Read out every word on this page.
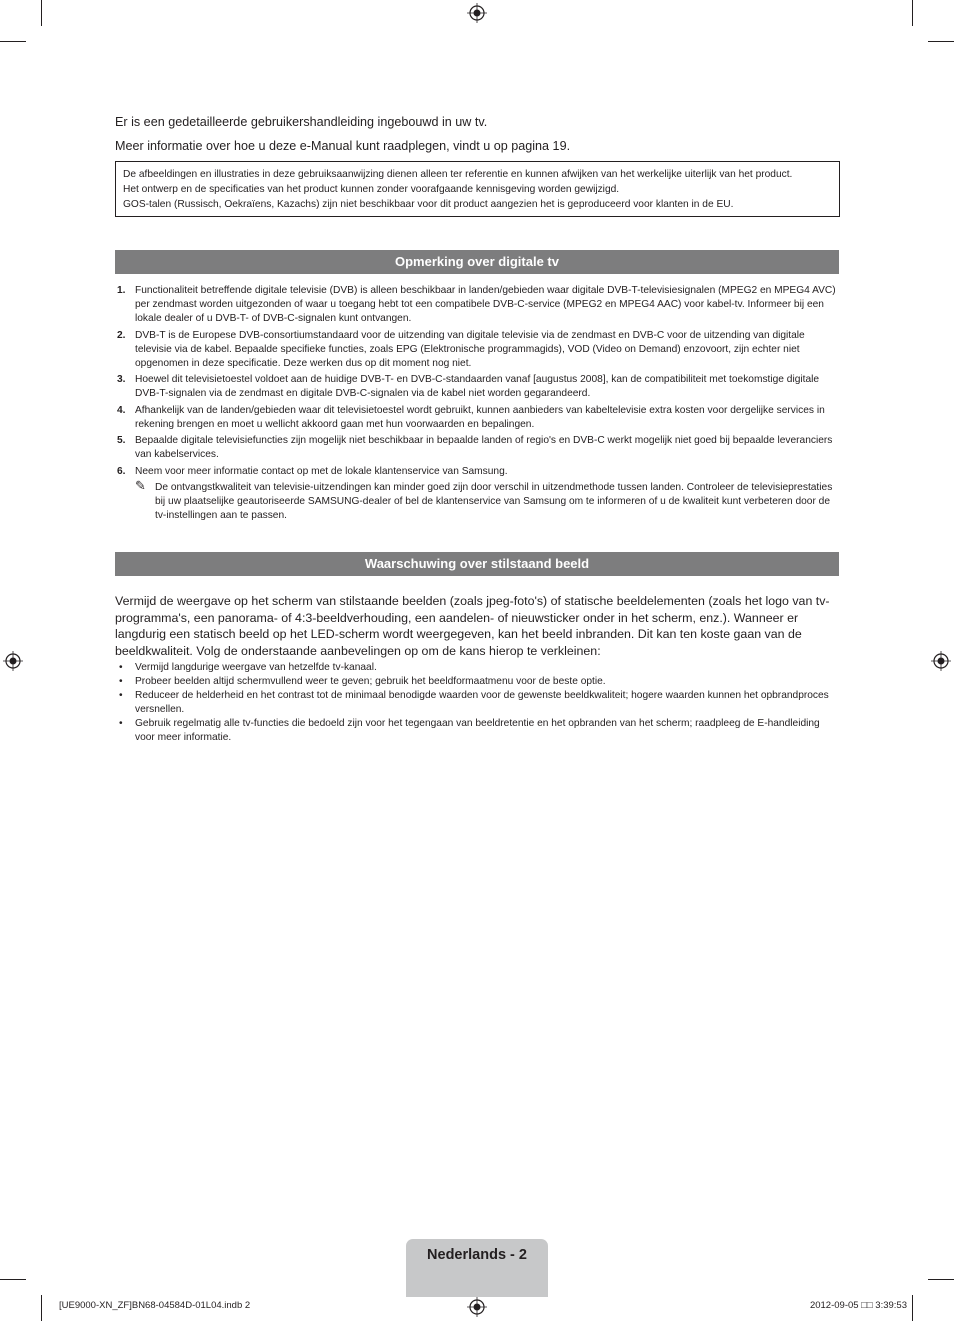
Er is een gedetailleerde gebruikershandleiding ingebouwd in uw tv.
Meer informatie over hoe u deze e-Manual kunt raadplegen, vindt u op pagina 19.
De afbeeldingen en illustraties in deze gebruiksaanwijzing dienen alleen ter referentie en kunnen afwijken van het werkelijke uiterlijk van het product.
Het ontwerp en de specificaties van het product kunnen zonder voorafgaande kennisgeving worden gewijzigd.
GOS-talen (Russisch, Oekraïens, Kazachs) zijn niet beschikbaar voor dit product aangezien het is geproduceerd voor klanten in de EU.
Opmerking over digitale tv
1. Functionaliteit betreffende digitale televisie (DVB) is alleen beschikbaar in landen/gebieden waar digitale DVB-T-televisiesignalen (MPEG2 en MPEG4 AVC) per zendmast worden uitgezonden of waar u toegang hebt tot een compatibele DVB-C-service (MPEG2 en MPEG4 AAC) voor kabel-tv. Informeer bij een lokale dealer of u DVB-T- of DVB-C-signalen kunt ontvangen.
2. DVB-T is de Europese DVB-consortiumstandaard voor de uitzending van digitale televisie via de zendmast en DVB-C voor de uitzending van digitale televisie via de kabel. Bepaalde specifieke functies, zoals EPG (Elektronische programmagids), VOD (Video on Demand) enzovoort, zijn echter niet opgenomen in deze specificatie. Deze werken dus op dit moment nog niet.
3. Hoewel dit televisietoestel voldoet aan de huidige DVB-T- en DVB-C-standaarden vanaf [augustus 2008], kan de compatibiliteit met toekomstige digitale DVB-T-signalen via de zendmast en digitale DVB-C-signalen via de kabel niet worden gegarandeerd.
4. Afhankelijk van de landen/gebieden waar dit televisietoestel wordt gebruikt, kunnen aanbieders van kabeltelevisie extra kosten voor dergelijke services in rekening brengen en moet u wellicht akkoord gaan met hun voorwaarden en bepalingen.
5. Bepaalde digitale televisiefuncties zijn mogelijk niet beschikbaar in bepaalde landen of regio's en DVB-C werkt mogelijk niet goed bij bepaalde leveranciers van kabelservices.
6. Neem voor meer informatie contact op met de lokale klantenservice van Samsung.
✎ De ontvangstkwaliteit van televisie-uitzendingen kan minder goed zijn door verschil in uitzendmethode tussen landen. Controleer de televisieprestaties bij uw plaatselijke geautoriseerde SAMSUNG-dealer of bel de klantenservice van Samsung om te informeren of u de kwaliteit kunt verbeteren door de tv-instellingen aan te passen.
Waarschuwing over stilstaand beeld
Vermijd de weergave op het scherm van stilstaande beelden (zoals jpeg-foto's) of statische beeldelementen (zoals het logo van tv-programma's, een panorama- of 4:3-beeldverhouding, een aandelen- of nieuwsticker onder in het scherm, enz.). Wanneer er langdurig een statisch beeld op het LED-scherm wordt weergegeven, kan het beeld inbranden. Dit kan ten koste gaan van de beeldkwaliteit. Volg de onderstaande aanbevelingen op om de kans hierop te verkleinen:
• Vermijd langdurige weergave van hetzelfde tv-kanaal.
• Probeer beelden altijd schermvullend weer te geven; gebruik het beeldformaatmenu voor de beste optie.
• Reduceer de helderheid en het contrast tot de minimaal benodigde waarden voor de gewenste beeldkwaliteit; hogere waarden kunnen het opbrandproces versnellen.
• Gebruik regelmatig alle tv-functies die bedoeld zijn voor het tegengaan van beeldretentie en het opbranden van het scherm; raadpleeg de E-handleiding voor meer informatie.
Nederlands - 2
[UE9000-XN_ZF]BN68-04584D-01L04.indb 2	2012-09-05 □□ 3:39:53
